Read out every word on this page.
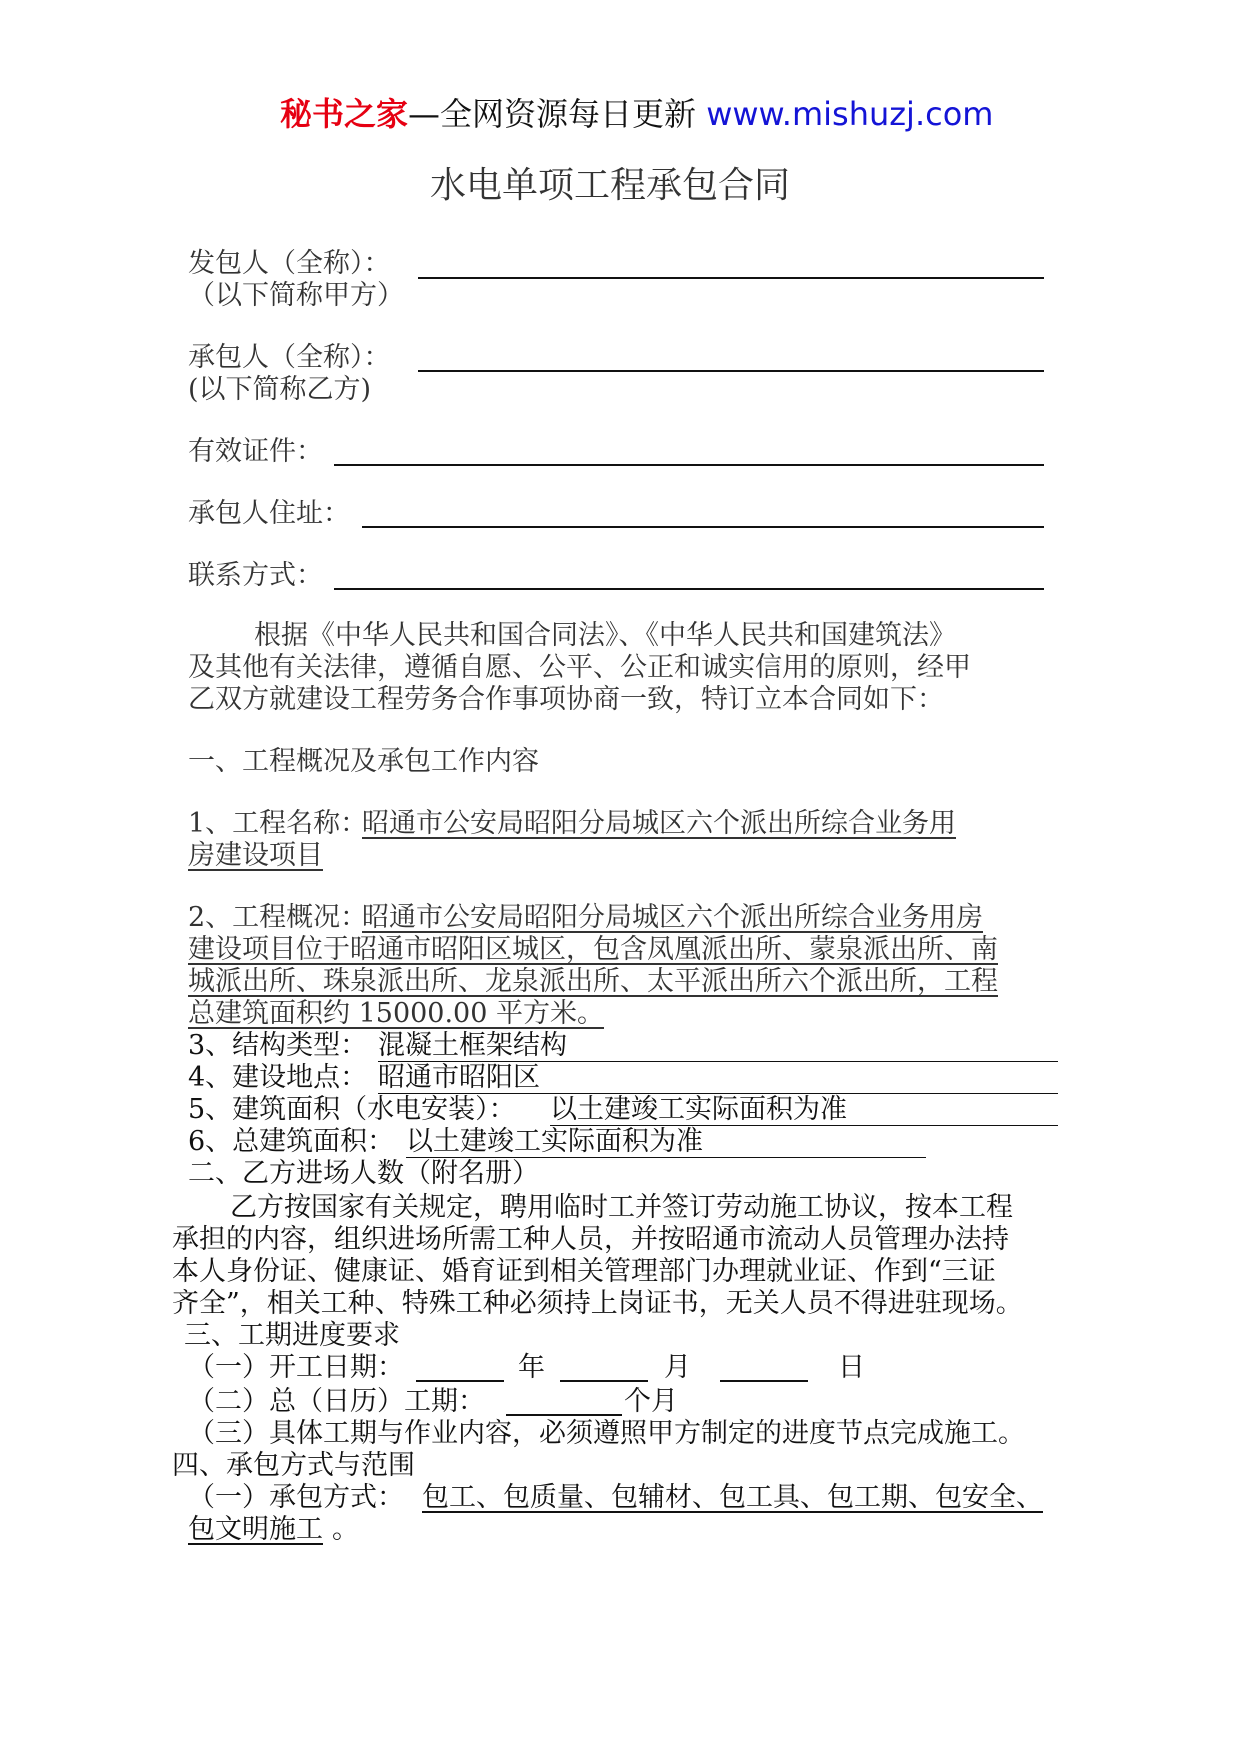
秘书之家—全网资源每日更新 www.mishuzj.com
水电单项工程承包合同
发包人（全称）：
（以下简称甲方）
承包人（全称）：
(以下简称乙方)
有效证件：
承包人住址：
联系方式：
根据《中华人民共和国合同法》、《中华人民共和国建筑法》
及其他有关法律，遵循自愿、公平、公正和诚实信用的原则，经甲
乙双方就建设工程劳务合作事项协商一致，特订立本合同如下：
一、工程概况及承包工作内容
1、工程名称：
昭通市公安局昭阳分局城区六个派出所综合业务用
房建设项目
2、工程概况：
昭通市公安局昭阳分局城区六个派出所综合业务用房
建设项目位于昭通市昭阳区城区，包含凤凰派出所、蒙泉派出所、南
城派出所、珠泉派出所、龙泉派出所、太平派出所六个派出所，工程
总建筑面积约 15000.00 平方米。
3、结构类型： 混凝土框架结构
4、建设地点： 昭通市昭阳区
5、建筑面积（水电安装）： 以土建竣工实际面积为准
6、总建筑面积： 以土建竣工实际面积为准
二、乙方进场人数（附名册）
乙方按国家有关规定，聘用临时工并签订劳动施工协议，按本工程
承担的内容，组织进场所需工种人员，并按昭通市流动人员管理办法持
本人身份证、健康证、婚育证到相关管理部门办理就业证、作到“三证
齐全”，相关工种、特殊工种必须持上岗证书，无关人员不得进驻现场。
三、工期进度要求
（一）开工日期：	年	月	日
（二）总（日历）工期：	个月
（三）具体工期与作业内容，必须遵照甲方制定的进度节点完成施工。
四、承包方式与范围
（一）承包方式： 包工、包质量、包辅材、包工具、包工期、包安全、
包文明施工 。
